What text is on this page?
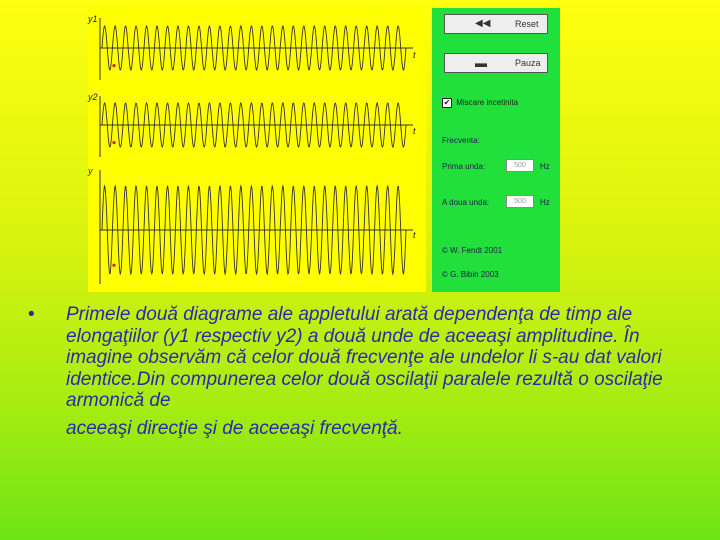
y1
y2
y
t
t
t
◀◀	Reset
▬	Pauza
✔ Miscare incetinita
Frecventa:
Prima unda:	500	Hz
A doua unda:	500	Hz
© W. Fendt 2001
© G. Bibin 2003
• Primele două diagrame ale appletului arată dependenţa de timp ale elongaţiilor (y1 respectiv y2) a două unde de aceeaşi amplitudine. În imagine observăm că celor două frecvenţe ale undelor li s-au dat valori identice.Din compunerea celor două oscilaţii paralele rezultă o oscilaţie armonică de
aceeaşi direcţie şi de aceeaşi frecvenţă.
